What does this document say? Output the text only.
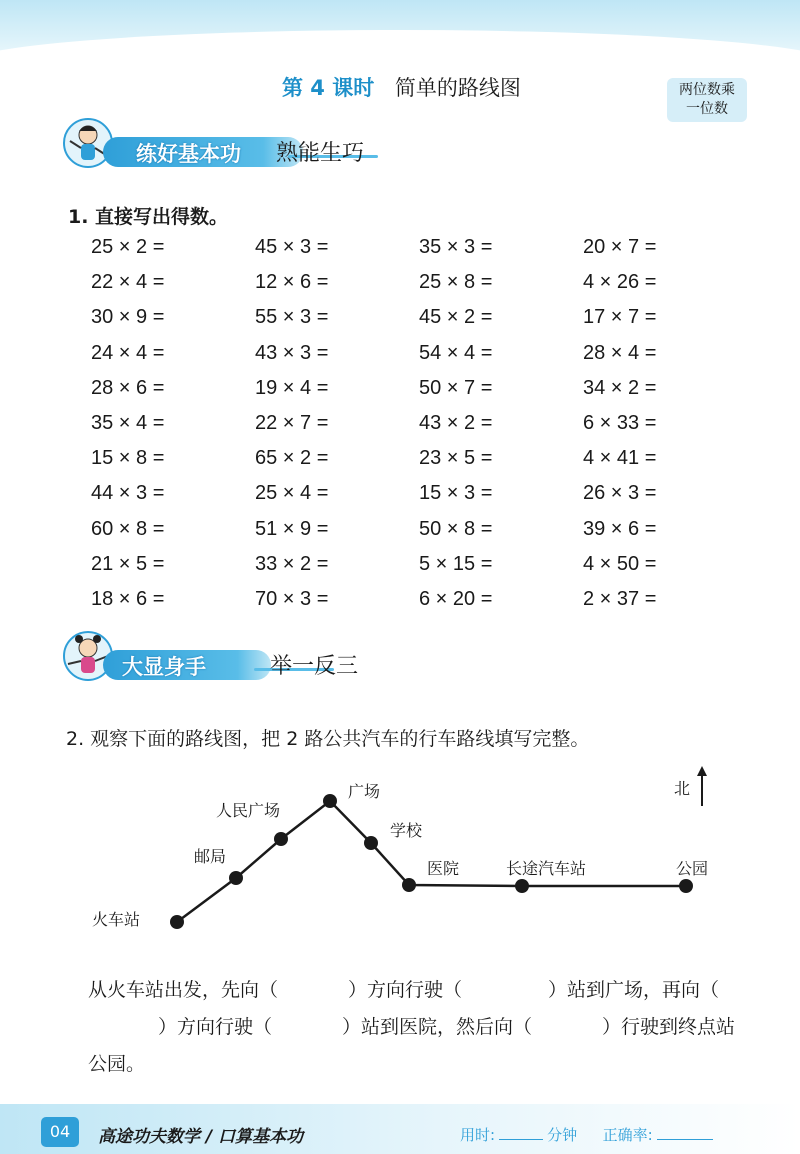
第 4 课时 简单的路线图	两位数乘
一位数
练好基本功 熟能生巧
1. 直接写出得数。
25 × 2 =	45 × 3 =	35 × 3 =	20 × 7 =
22 × 4 =	12 × 6 =	25 × 8 =	4 × 26 =
30 × 9 =	55 × 3 =	45 × 2 =	17 × 7 =
24 × 4 =	43 × 3 =	54 × 4 =	28 × 4 =
28 × 6 =	19 × 4 =	50 × 7 =	34 × 2 =
35 × 4 =	22 × 7 =	43 × 2 =	6 × 33 =
15 × 8 =	65 × 2 =	23 × 5 =	4 × 41 =
44 × 3 =	25 × 4 =	15 × 3 =	26 × 3 =
60 × 8 =	51 × 9 =	50 × 8 =	39 × 6 =
21 × 5 =	33 × 2 =	5 × 15 =	4 × 50 =
18 × 6 =	70 × 3 =	6 × 20 =	2 × 37 =
大显身手	举一反三
2. 观察下面的路线图，把 2 路公共汽车的行车路线填写完整。
火车站
邮局
人民广场
广场
学校
医院	长途汽车站	公园
北
从火车站出发，先向（	）方向行驶（	）站到广场，再向（）方向行驶（	）站到医院，然后向（	）行驶到终点站公园。
04	高途功夫数学 / 口算基本功	用时:	分钟 正确率:
